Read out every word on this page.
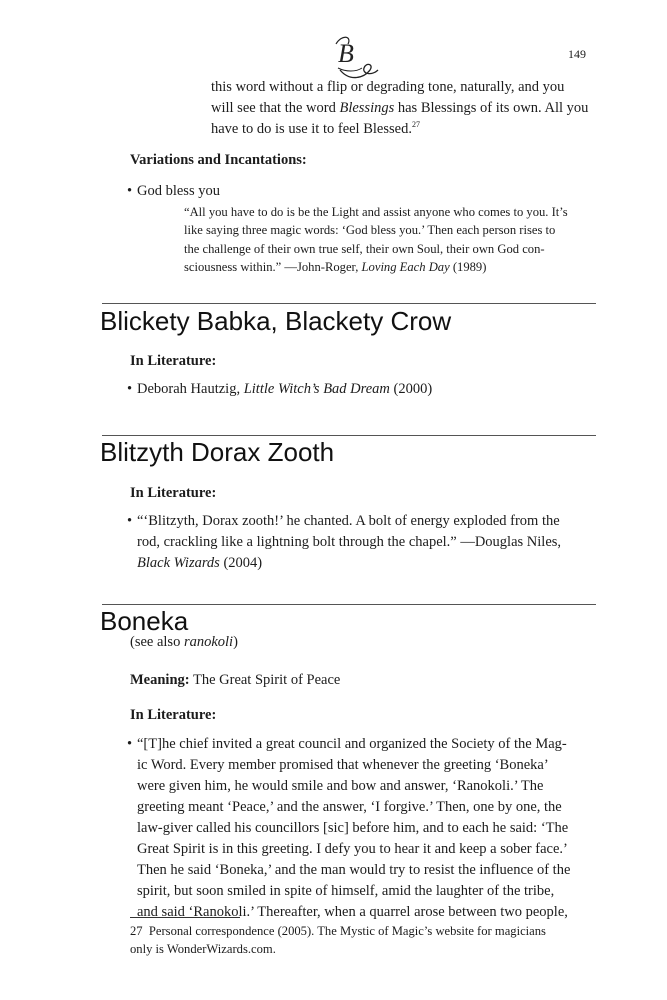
B	149
this word without a flip or degrading tone, naturally, and you
will see that the word Blessings has Blessings of its own. All you
have to do is use it to feel Blessed.$^{27}$
Variations and Incantations:
• God bless you
“All you have to do is be the Light and assist anyone who comes to you. It’s
like saying three magic words: ‘God bless you.’ Then each person rises to
the challenge of their own true self, their own Soul, their own God con-
sciousness within.” —John-Roger, Loving Each Day (1989)
Blickety Babka, Blackety Crow
In Literature:
• Deborah Hautzig, Little Witch’s Bad Dream (2000)
Blitzyth Dorax Zooth
In Literature:
• “‘Blitzyth, Dorax zooth!’ he chanted. A bolt of energy exploded from the
rod, crackling like a lightning bolt through the chapel.” —Douglas Niles,
Black Wizards (2004)
Boneka
(see also ranokoli)
Meaning: The Great Spirit of Peace
In Literature:
• “[T]he chief invited a great council and organized the Society of the Mag-
ic Word. Every member promised that whenever the greeting ‘Boneka’
were given him, he would smile and bow and answer, ‘Ranokoli.’ The
greeting meant ‘Peace,’ and the answer, ‘I forgive.’ Then, one by one, the
law-giver called his councillors [sic] before him, and to each he said: ‘The
Great Spirit is in this greeting. I defy you to hear it and keep a sober face.’
Then he said ‘Boneka,’ and the man would try to resist the influence of the
spirit, but soon smiled in spite of himself, amid the laughter of the tribe,
and said ‘Ranokoli.’ Thereafter, when a quarrel arose between two people,
27 Personal correspondence (2005). The Mystic of Magic’s website for magicians
only is WonderWizards.com.
